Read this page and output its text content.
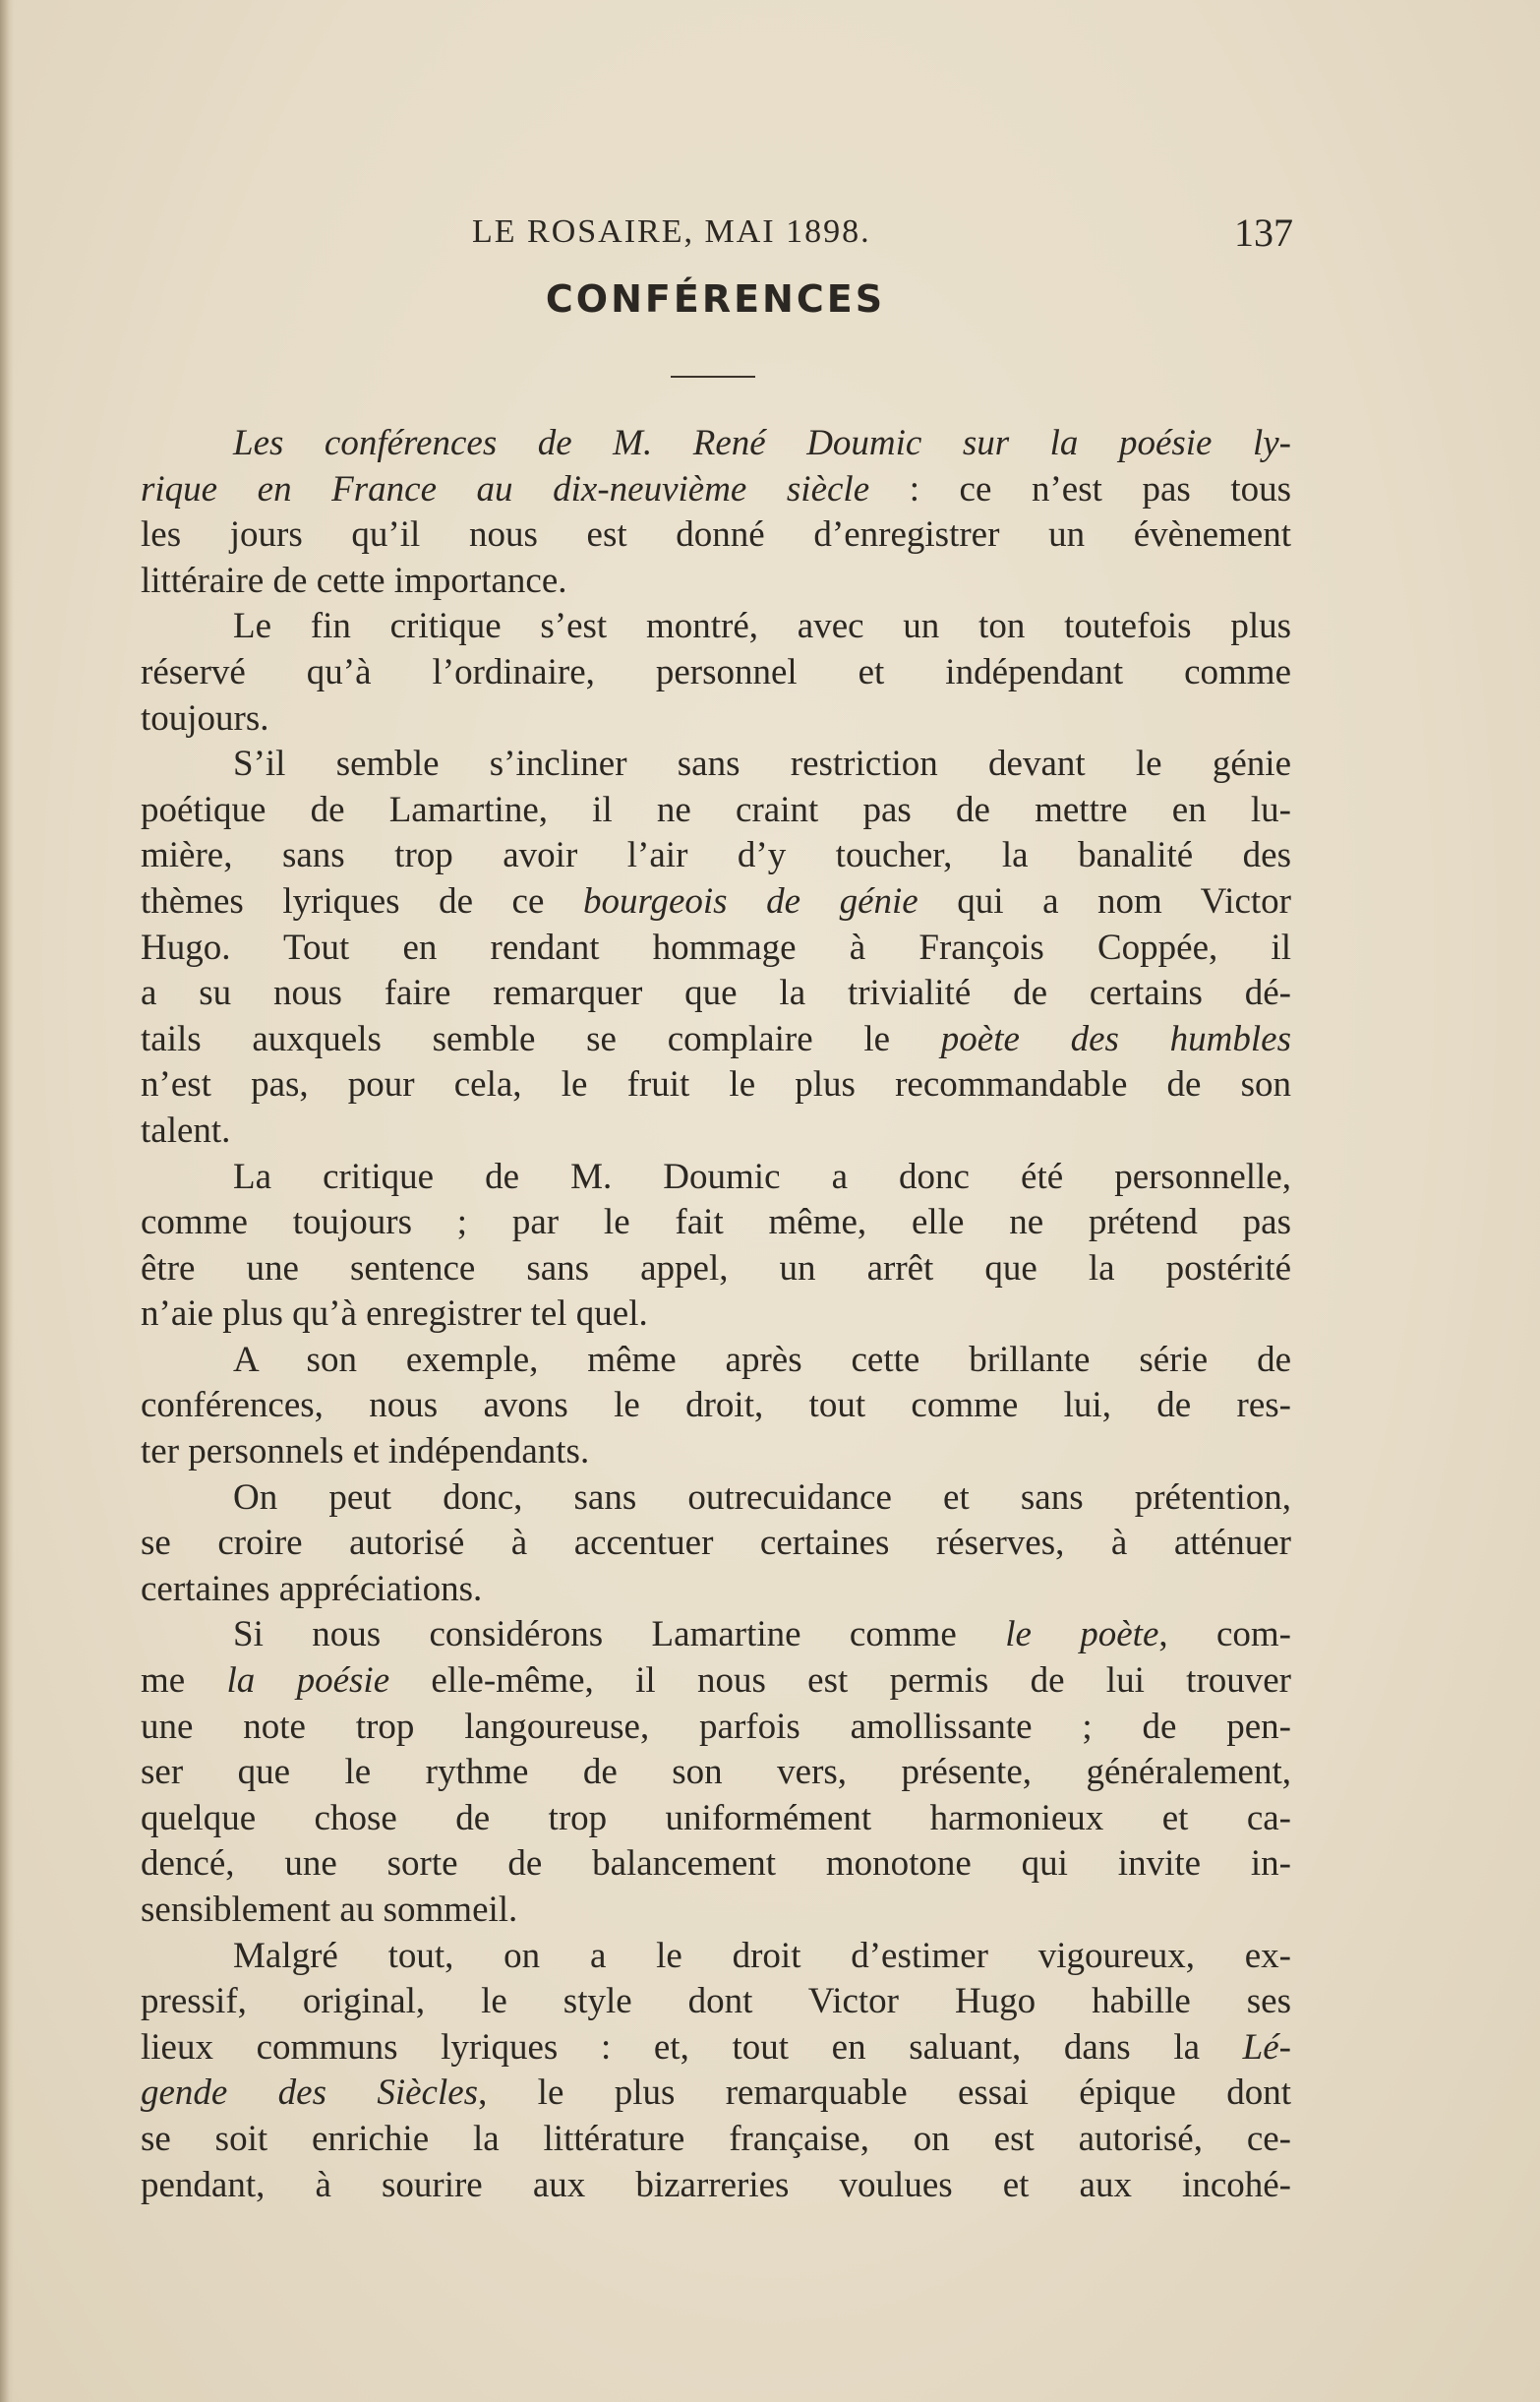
LE ROSAIRE, MAI 1898.	137
CONFÉRENCES
Les conférences de M. René Doumic sur la poésie ly-
rique en France au dix-neuvième siècle : ce n’est pas tous
les jours qu’il nous est donné d’enregistrer un évènement
littéraire de cette importance.
Le fin critique s’est montré, avec un ton toutefois plus
réservé qu’à l’ordinaire, personnel et indépendant comme
toujours.
S’il semble s’incliner sans restriction devant le génie
poétique de Lamartine, il ne craint pas de mettre en lu-
mière, sans trop avoir l’air d’y toucher, la banalité des
thèmes lyriques de ce bourgeois de génie qui a nom Victor
Hugo. Tout en rendant hommage à François Coppée, il
a su nous faire remarquer que la trivialité de certains dé-
tails auxquels semble se complaire le poète des humbles
n’est pas, pour cela, le fruit le plus recommandable de son
talent.
La critique de M. Doumic a donc été personnelle,
comme toujours ; par le fait même, elle ne prétend pas
être une sentence sans appel, un arrêt que la postérité
n’aie plus qu’à enregistrer tel quel.
A son exemple, même après cette brillante série de
conférences, nous avons le droit, tout comme lui, de res-
ter personnels et indépendants.
On peut donc, sans outrecuidance et sans prétention,
se croire autorisé à accentuer certaines réserves, à atténuer
certaines appréciations.
Si nous considérons Lamartine comme le poète, com-
me la poésie elle-même, il nous est permis de lui trouver
une note trop langoureuse, parfois amollissante ; de pen-
ser que le rythme de son vers, présente, généralement,
quelque chose de trop uniformément harmonieux et ca-
dencé, une sorte de balancement monotone qui invite in-
sensiblement au sommeil.
Malgré tout, on a le droit d’estimer vigoureux, ex-
pressif, original, le style dont Victor Hugo habille ses
lieux communs lyriques : et, tout en saluant, dans la Lé-
gende des Siècles, le plus remarquable essai épique dont
se soit enrichie la littérature française, on est autorisé, ce-
pendant, à sourire aux bizarreries voulues et aux incohé-
